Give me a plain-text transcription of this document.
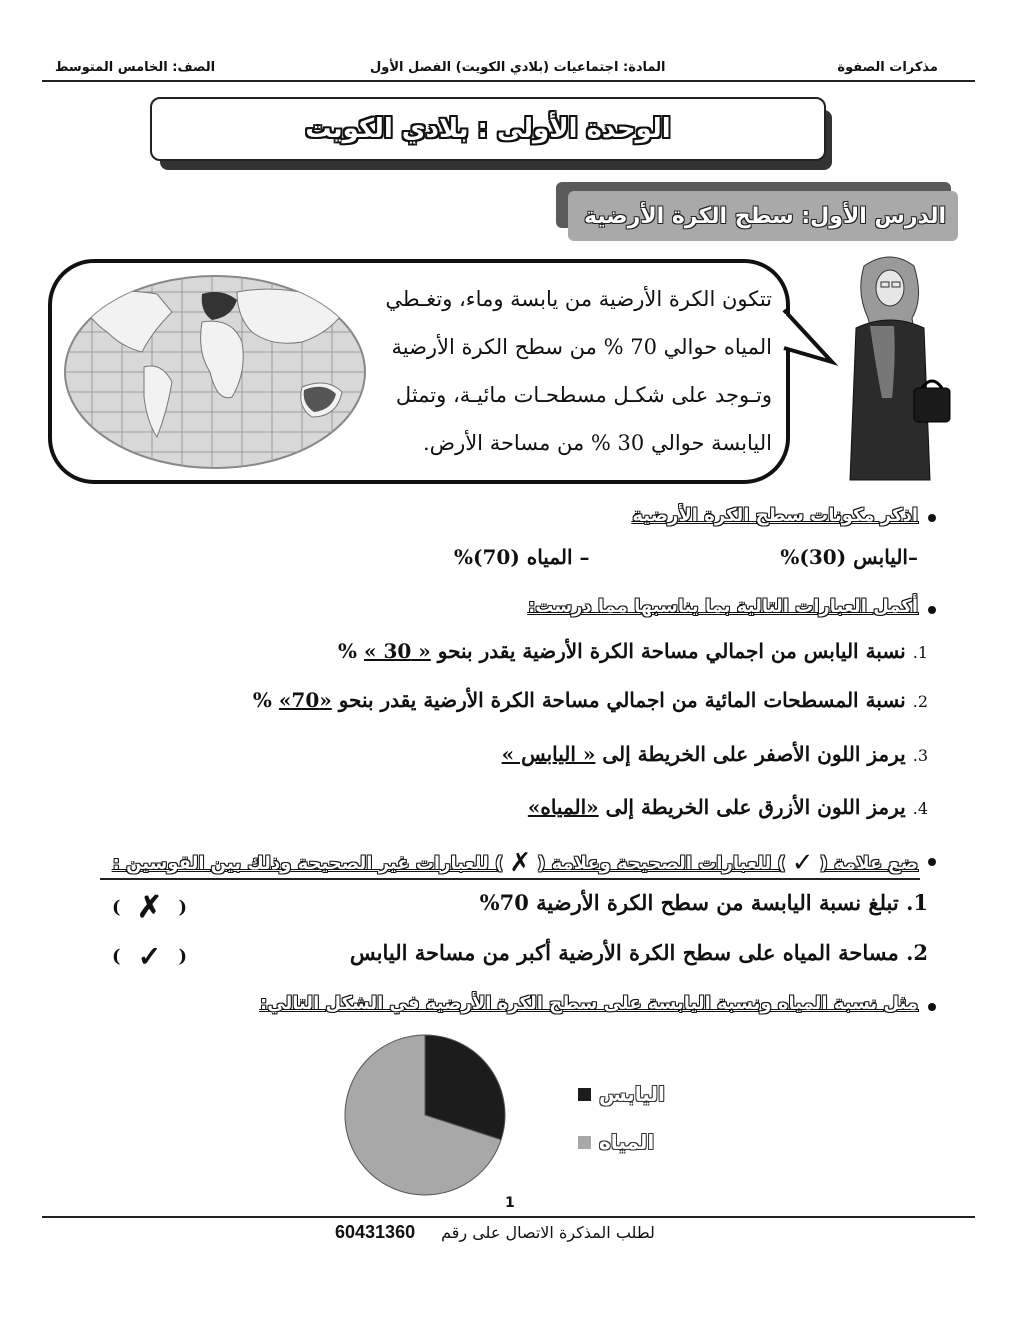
مذكرات الصفوة
المادة: اجتماعيات (بلادي الكويت) الفصل الأول
الصف: الخامس المتوسط
الوحدة الأولى : بلادي الكويت
الدرس الأول: سطح الكرة الأرضية

تتكون الكرة الأرضية من يابسة وماء، وتغـطي

المياه حوالي 70 % من سطح الكرة الأرضية

وتـوجد على شكـل مسطحـات مائيـة، وتمثل

اليابسة حوالي 30 % من مساحة الأرض.

اذكر مكونات سطح الكرة الأرضية
–اليابس (30)%
– المياه (70)%
أكمل العبارات التالية بما يناسبها مما درست:
1. نسبة اليابس من اجمالي مساحة الكرة الأرضية يقدر بنحو « 30 » %
2. نسبة المسطحات المائية من اجمالي مساحة الكرة الأرضية يقدر بنحو «70» %
3. يرمز اللون الأصفر على الخريطة إلى « اليابس »
4. يرمز اللون الأزرق على الخريطة إلى «المياه»
ضع علامة (
✓
) للعبارات الصحيحة وعلامة (
✗
) للعبارات غير الصحيحة وذلك بين القوسين :
1. تبلغ نسبة اليابسة من سطح الكرة الأرضية 70%
(
✗
)
2. مساحة المياه على سطح الكرة الأرضية أكبر من مساحة اليابس
(
✓
)
مثل نسبة المياه ونسبة اليابسة على سطح الكرة الأرضية في الشكل التالي:
اليابس
المياه
1
لطلب المذكرة الاتصال على رقم
60431360
